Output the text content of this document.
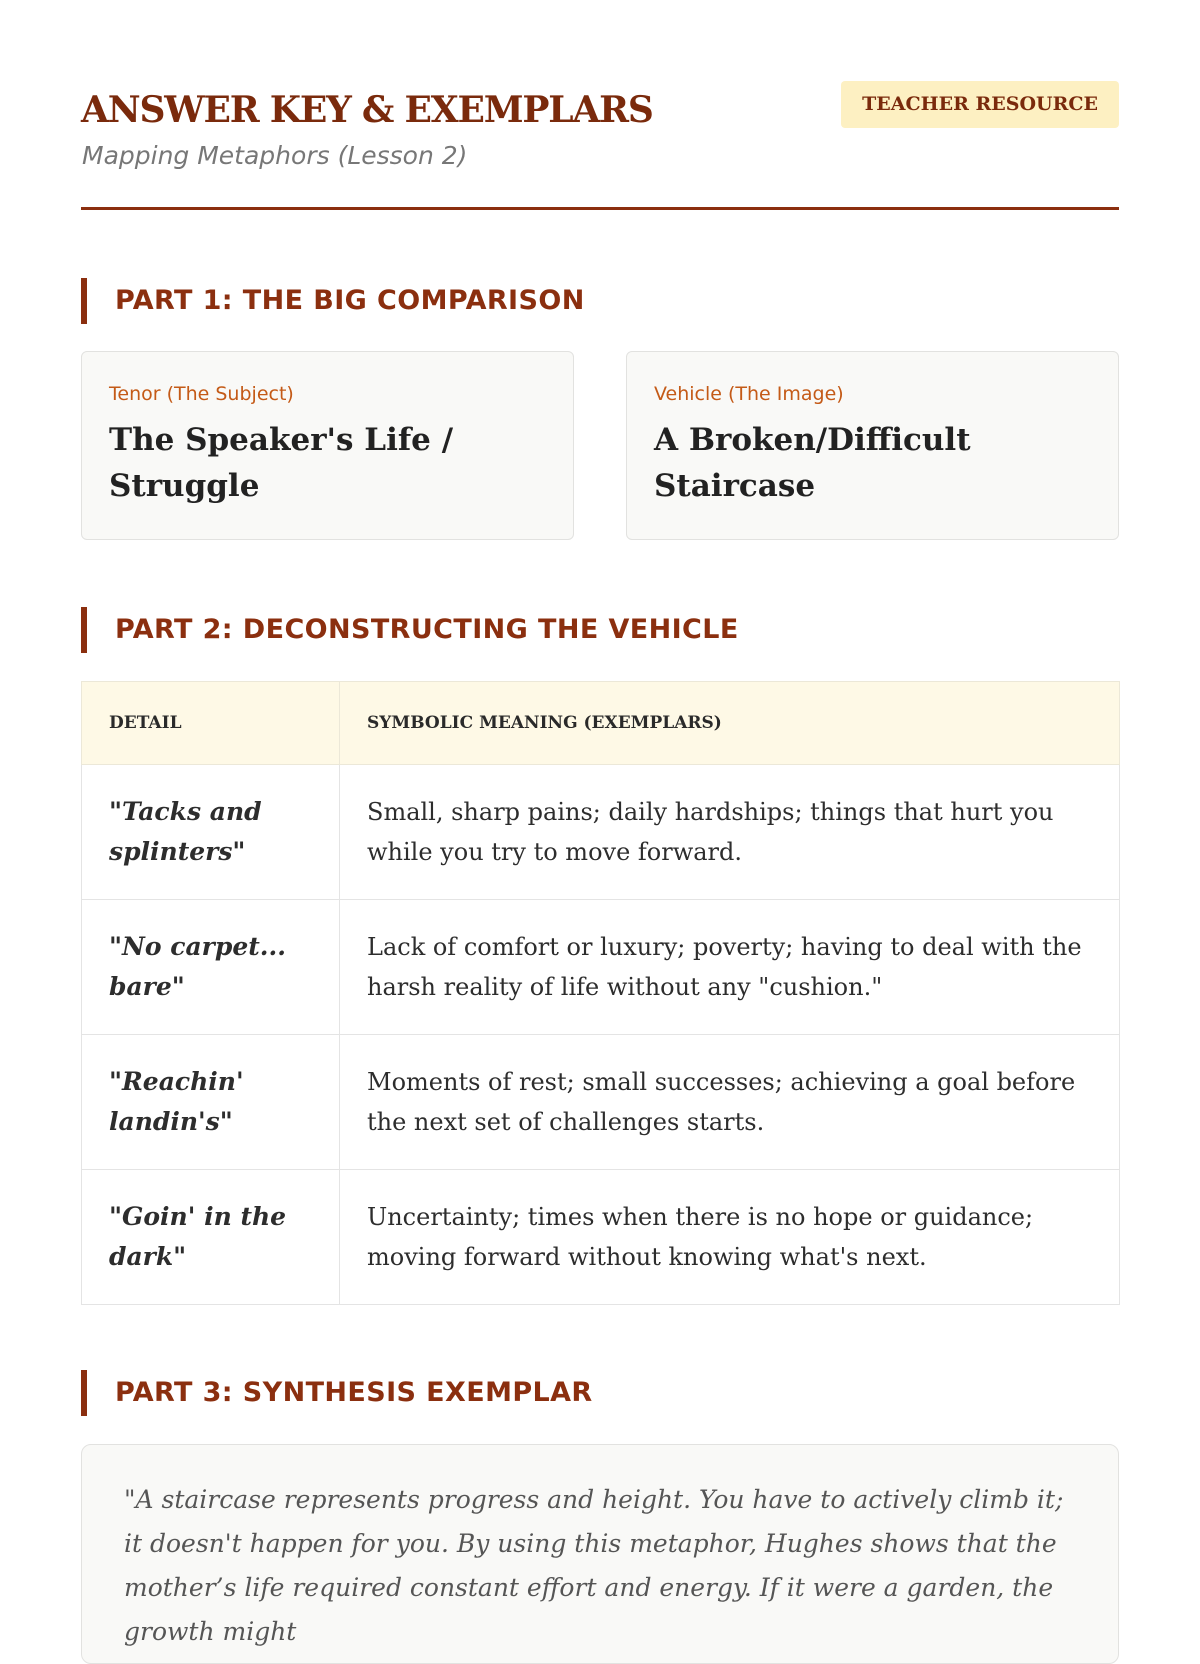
ANSWER KEY & EXEMPLARS
Mapping Metaphors (Lesson 2)
TEACHER RESOURCE
PART 1: THE BIG COMPARISON
Tenor (The Subject)
The Speaker's Life / Struggle
Vehicle (The Image)
A Broken/Difficult Staircase
PART 2: DECONSTRUCTING THE VEHICLE
DETAIL	SYMBOLIC MEANING (EXEMPLARS)
"Tacks and splinters"	Small, sharp pains; daily hardships; things that hurt you while you try to move forward.
"No carpet... bare"	Lack of comfort or luxury; poverty; having to deal with the harsh reality of life without any "cushion."
"Reachin' landin's"	Moments of rest; small successes; achieving a goal before the next set of challenges starts.
"Goin' in the dark"	Uncertainty; times when there is no hope or guidance; moving forward without knowing what's next.
PART 3: SYNTHESIS EXEMPLAR

"A staircase represents progress and height. You have to actively climb it; it doesn't happen for you. By using this metaphor, Hughes shows that the mother’s life required constant effort and energy. If it were a garden, the growth might
